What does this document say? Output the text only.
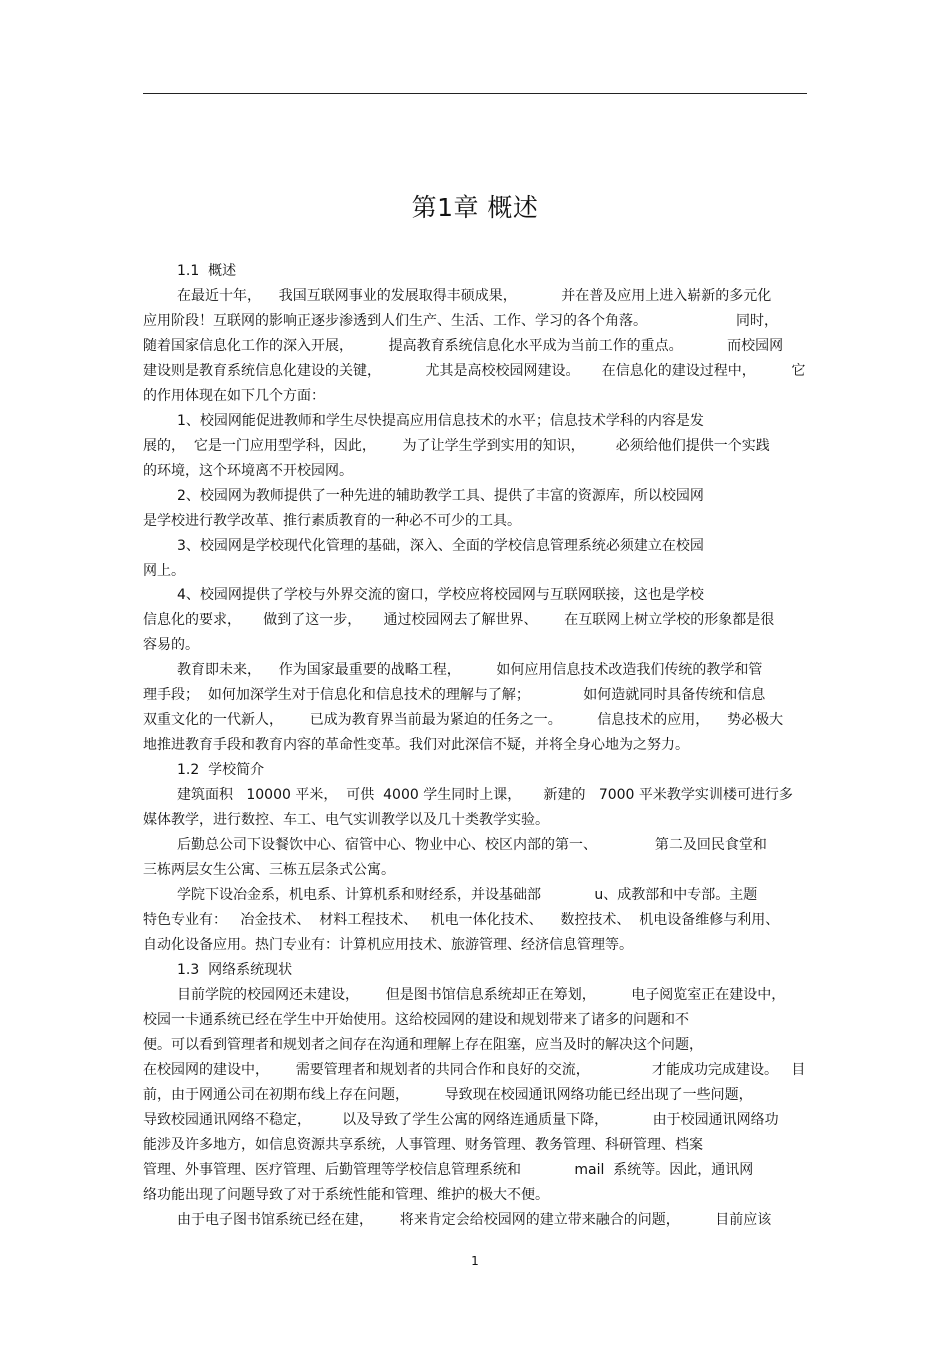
第1章 概述
1.1  概述
在最近十年，    我国互联网事业的发展取得丰硕成果，          并在普及应用上进入崭新的多元化
应用阶段！互联网的影响正逐步渗透到人们生产、生活、工作、学习的各个角落。                    同时，
随着国家信息化工作的深入开展，        提高教育系统信息化水平成为当前工作的重点。          而校园网
建设则是教育系统信息化建设的关键，          尤其是高校校园网建设。     在信息化的建设过程中，        它
的作用体现在如下几个方面：
1、校园网能促进教师和学生尽快提高应用信息技术的水平；信息技术学科的内容是发
展的，  它是一门应用型学科，因此，      为了让学生学到实用的知识，       必须给他们提供一个实践
的环境，这个环境离不开校园网。
2、校园网为教师提供了一种先进的辅助教学工具、提供了丰富的资源库，所以校园网
是学校进行教学改革、推行素质教育的一种必不可少的工具。
3、校园网是学校现代化管理的基础，深入、全面的学校信息管理系统必须建立在校园
网上。
4、校园网提供了学校与外界交流的窗口，学校应将校园网与互联网联接，这也是学校
信息化的要求，     做到了这一步，     通过校园网去了解世界、      在互联网上树立学校的形象都是很
容易的。
教育即未来，    作为国家最重要的战略工程，        如何应用信息技术改造我们传统的教学和管
理手段；  如何加深学生对于信息化和信息技术的理解与了解；            如何造就同时具备传统和信息
双重文化的一代新人，      已成为教育界当前最为紧迫的任务之一。        信息技术的应用，    势必极大
地推进教育手段和教育内容的革命性变革。我们对此深信不疑，并将全身心地为之努力。
1.2  学校简介
建筑面积   10000 平米，  可供  4000 学生同时上课，     新建的   7000 平米教学实训楼可进行多
媒体教学，进行数控、车工、电气实训教学以及几十类教学实验。
后勤总公司下设餐饮中心、宿管中心、物业中心、校区内部的第一、             第二及回民食堂和
三栋两层女生公寓、三栋五层条式公寓。
学院下设冶金系，机电系、计算机系和财经系，并设基础部            u、成教部和中专部。主题
特色专业有：   冶金技术、  材料工程技术、   机电一体化技术、    数控技术、  机电设备维修与利用、
自动化设备应用。热门专业有：计算机应用技术、旅游管理、经济信息管理等。
1.3  网络系统现状
目前学院的校园网还未建设，      但是图书馆信息系统却正在筹划，        电子阅览室正在建设中，
校园一卡通系统已经在学生中开始使用。这给校园网的建设和规划带来了诸多的问题和不
便。可以看到管理者和规划者之间存在沟通和理解上存在阻塞，应当及时的解决这个问题，
在校园网的建设中，      需要管理者和规划者的共同合作和良好的交流，              才能成功完成建设。   目
前，由于网通公司在初期布线上存在问题，        导致现在校园通讯网络功能已经出现了一些问题，
导致校园通讯网络不稳定，       以及导致了学生公寓的网络连通质量下降，          由于校园通讯网络功
能涉及许多地方，如信息资源共享系统，人事管理、财务管理、教务管理、科研管理、档案
管理、外事管理、医疗管理、后勤管理等学校信息管理系统和            mail  系统等。因此，通讯网
络功能出现了问题导致了对于系统性能和管理、维护的极大不便。
由于电子图书馆系统已经在建，      将来肯定会给校园网的建立带来融合的问题，        目前应该
1
